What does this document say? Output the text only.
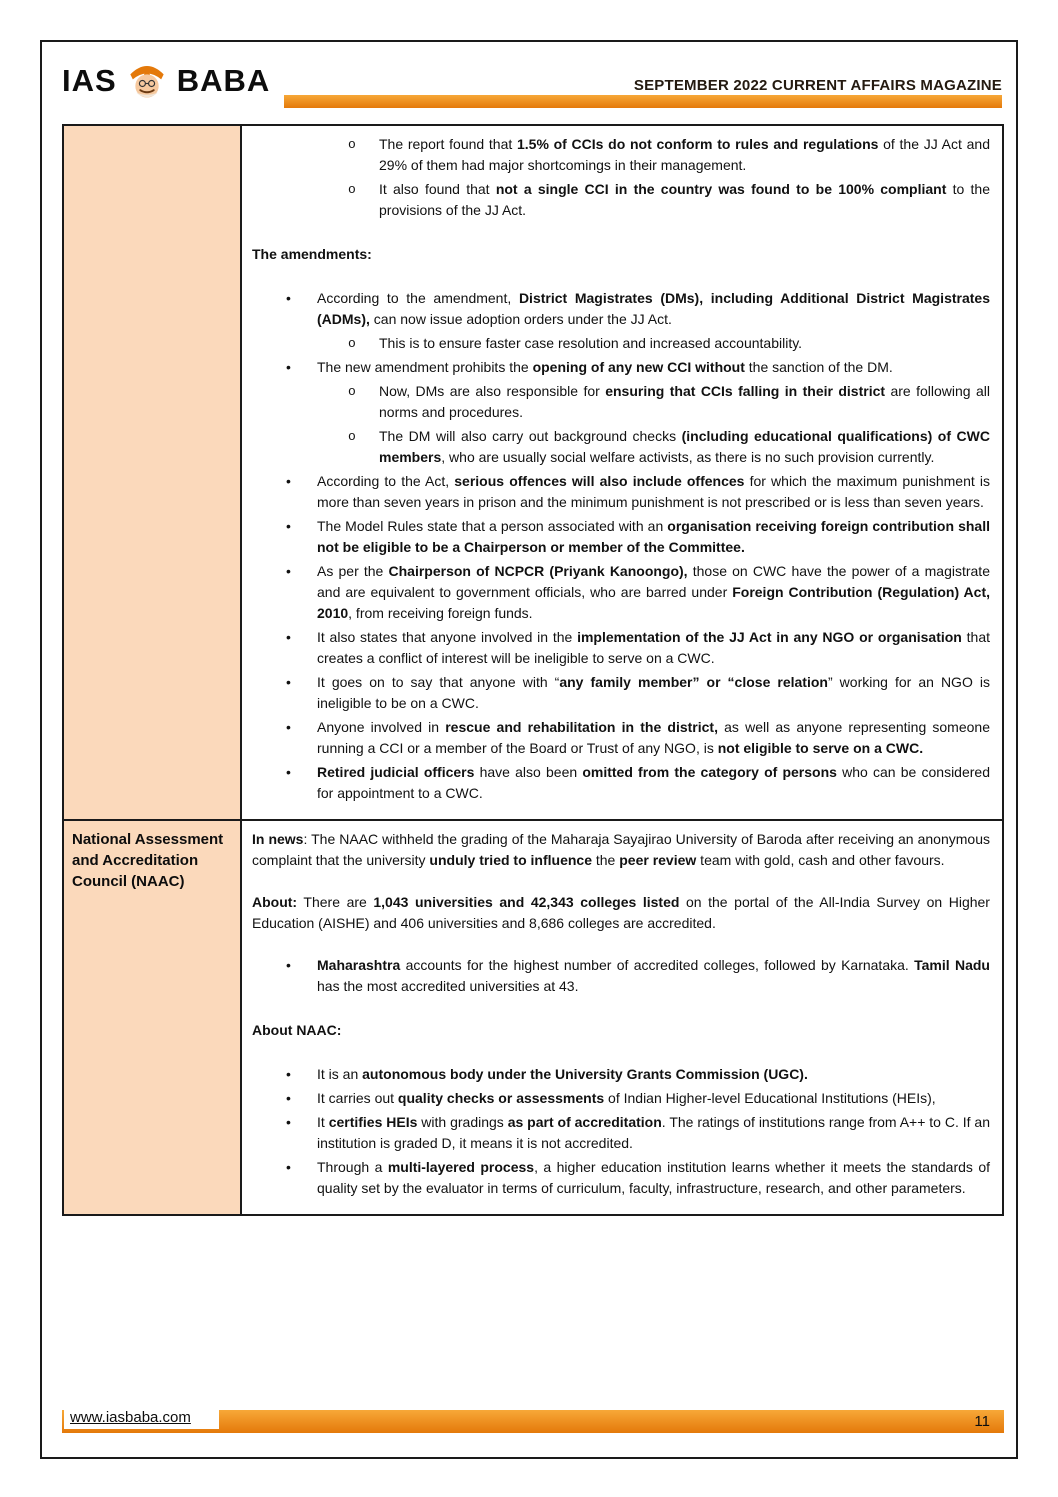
IAS BABA	SEPTEMBER 2022 CURRENT AFFAIRS MAGAZINE
o	The report found that 1.5% of CCIs do not conform to rules and regulations of the JJ Act and 29% of them had major shortcomings in their management.
o	It also found that not a single CCI in the country was found to be 100% compliant to the provisions of the JJ Act.
The amendments:
•	According to the amendment, District Magistrates (DMs), including Additional District Magistrates (ADMs), can now issue adoption orders under the JJ Act.
o	This is to ensure faster case resolution and increased accountability.
•	The new amendment prohibits the opening of any new CCI without the sanction of the DM.
o	Now, DMs are also responsible for ensuring that CCIs falling in their district are following all norms and procedures.
o	The DM will also carry out background checks (including educational qualifications) of CWC members, who are usually social welfare activists, as there is no such provision currently.
•	According to the Act, serious offences will also include offences for which the maximum punishment is more than seven years in prison and the minimum punishment is not prescribed or is less than seven years.
•	The Model Rules state that a person associated with an organisation receiving foreign contribution shall not be eligible to be a Chairperson or member of the Committee.
•	As per the Chairperson of NCPCR (Priyank Kanoongo), those on CWC have the power of a magistrate and are equivalent to government officials, who are barred under Foreign Contribution (Regulation) Act, 2010, from receiving foreign funds.
•	It also states that anyone involved in the implementation of the JJ Act in any NGO or organisation that creates a conflict of interest will be ineligible to serve on a CWC.
•	It goes on to say that anyone with “any family member” or “close relation” working for an NGO is ineligible to be on a CWC.
•	Anyone involved in rescue and rehabilitation in the district, as well as anyone representing someone running a CCI or a member of the Board or Trust of any NGO, is not eligible to serve on a CWC.
•	Retired judicial officers have also been omitted from the category of persons who can be considered for appointment to a CWC.
National Assessment and Accreditation Council (NAAC)
In news: The NAAC withheld the grading of the Maharaja Sayajirao University of Baroda after receiving an anonymous complaint that the university unduly tried to influence the peer review team with gold, cash and other favours.
About: There are 1,043 universities and 42,343 colleges listed on the portal of the All-India Survey on Higher Education (AISHE) and 406 universities and 8,686 colleges are accredited.
•	Maharashtra accounts for the highest number of accredited colleges, followed by Karnataka. Tamil Nadu has the most accredited universities at 43.
About NAAC:
•	It is an autonomous body under the University Grants Commission (UGC).
•	It carries out quality checks or assessments of Indian Higher-level Educational Institutions (HEIs),
•	It certifies HEIs with gradings as part of accreditation. The ratings of institutions range from A++ to C. If an institution is graded D, it means it is not accredited.
•	Through a multi-layered process, a higher education institution learns whether it meets the standards of quality set by the evaluator in terms of curriculum, faculty, infrastructure, research, and other parameters.
www.iasbaba.com	11
